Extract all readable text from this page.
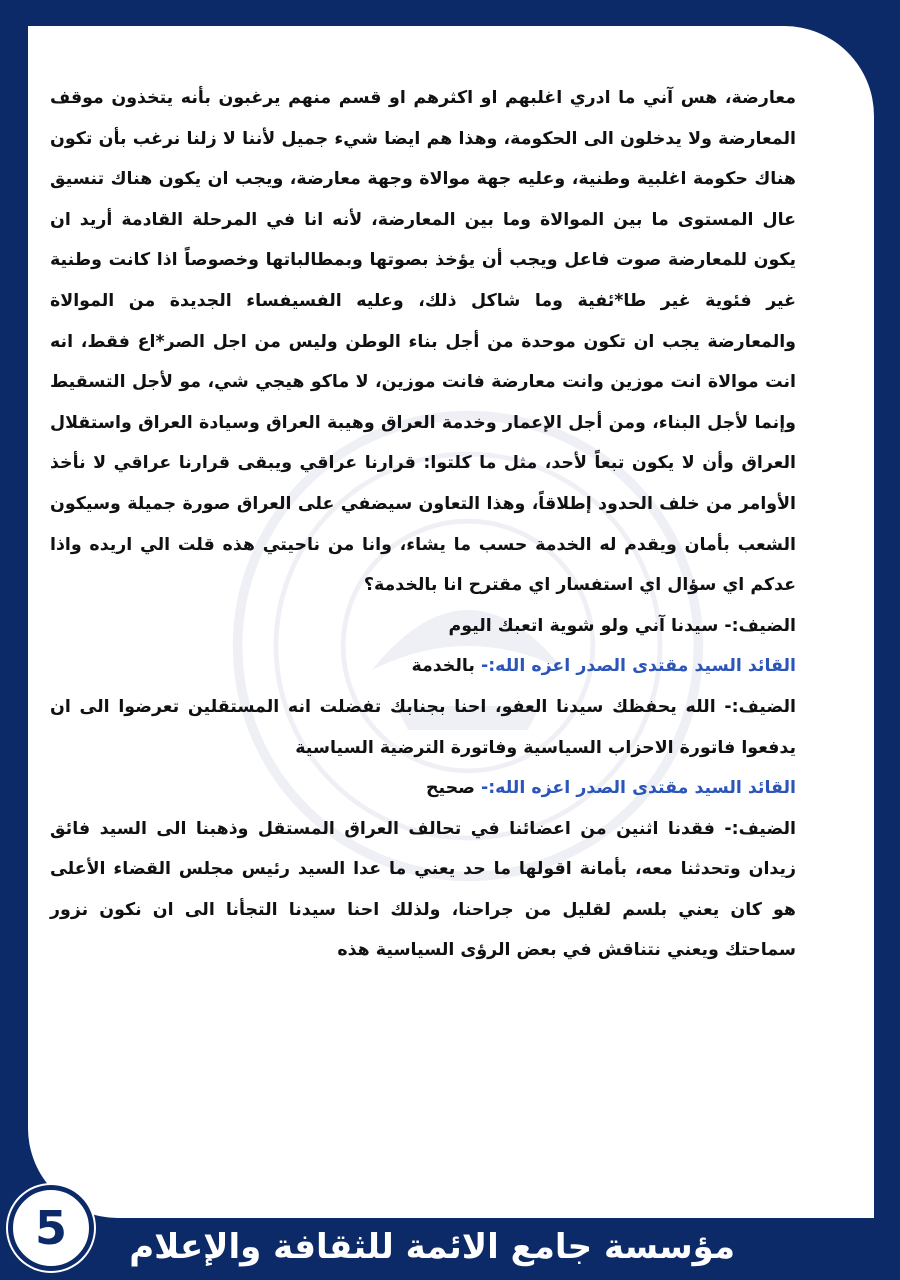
معارضة، هس آني ما ادري اغلبهم او اكثرهم او قسم منهم يرغبون بأنه يتخذون موقف المعارضة ولا يدخلون الى الحكومة، وهذا هم ايضا شيء جميل لأننا لا زلنا نرغب بأن تكون هناك حكومة اغلبية وطنية، وعليه جهة موالاة وجهة معارضة، ويجب ان يكون هناك تنسيق عال المستوى ما بين الموالاة وما بين المعارضة، لأنه انا في المرحلة القادمة أريد ان يكون للمعارضة صوت فاعل ويجب أن يؤخذ بصوتها وبمطالباتها وخصوصاً اذا كانت وطنية غير فئوية غير طا*ئفية وما شاكل ذلك، وعليه الفسيفساء الجديدة من الموالاة والمعارضة يجب ان تكون موحدة من أجل بناء الوطن وليس من اجل الصر*اع فقط، انه انت موالاة انت موزين وانت معارضة فانت موزين، لا ماكو هيجي شي، مو لأجل التسقيط وإنما لأجل البناء، ومن أجل الإعمار وخدمة العراق وهيبة العراق وسيادة العراق واستقلال العراق وأن لا يكون تبعاً لأحد، مثل ما كلتوا: قرارنا عراقي ويبقى قرارنا عراقي لا نأخذ الأوامر من خلف الحدود إطلاقاً، وهذا التعاون سيضفي على العراق صورة جميلة وسيكون الشعب بأمان ويقدم له الخدمة حسب ما يشاء، وانا من ناحيتي هذه قلت الي اريده واذا عدكم اي سؤال اي استفسار اي مقترح انا بالخدمة؟

الضيف:- سيدنا آني ولو شوية اتعبك اليوم

القائد السيد مقتدى الصدر اعزه الله:- بالخدمة

الضيف:- الله يحفظك سيدنا العفو، احنا بجنابك تفضلت انه المستقلين تعرضوا الى ان يدفعوا فاتورة الاحزاب السياسية وفاتورة الترضية السياسية

القائد السيد مقتدى الصدر اعزه الله:- صحيح

الضيف:- فقدنا اثنين من اعضائنا في تحالف العراق المستقل وذهبنا الى السيد فائق زيدان وتحدثنا معه، بأمانة اقولها ما حد يعني ما عدا السيد رئيس مجلس القضاء الأعلى هو كان يعني بلسم لقليل من جراحنا، ولذلك احنا سيدنا التجأنا الى ان نكون نزور سماحتك ويعني نتناقش في بعض الرؤى السياسية هذه

5	مؤسسة جامع الائمة للثقافة والإعلام
